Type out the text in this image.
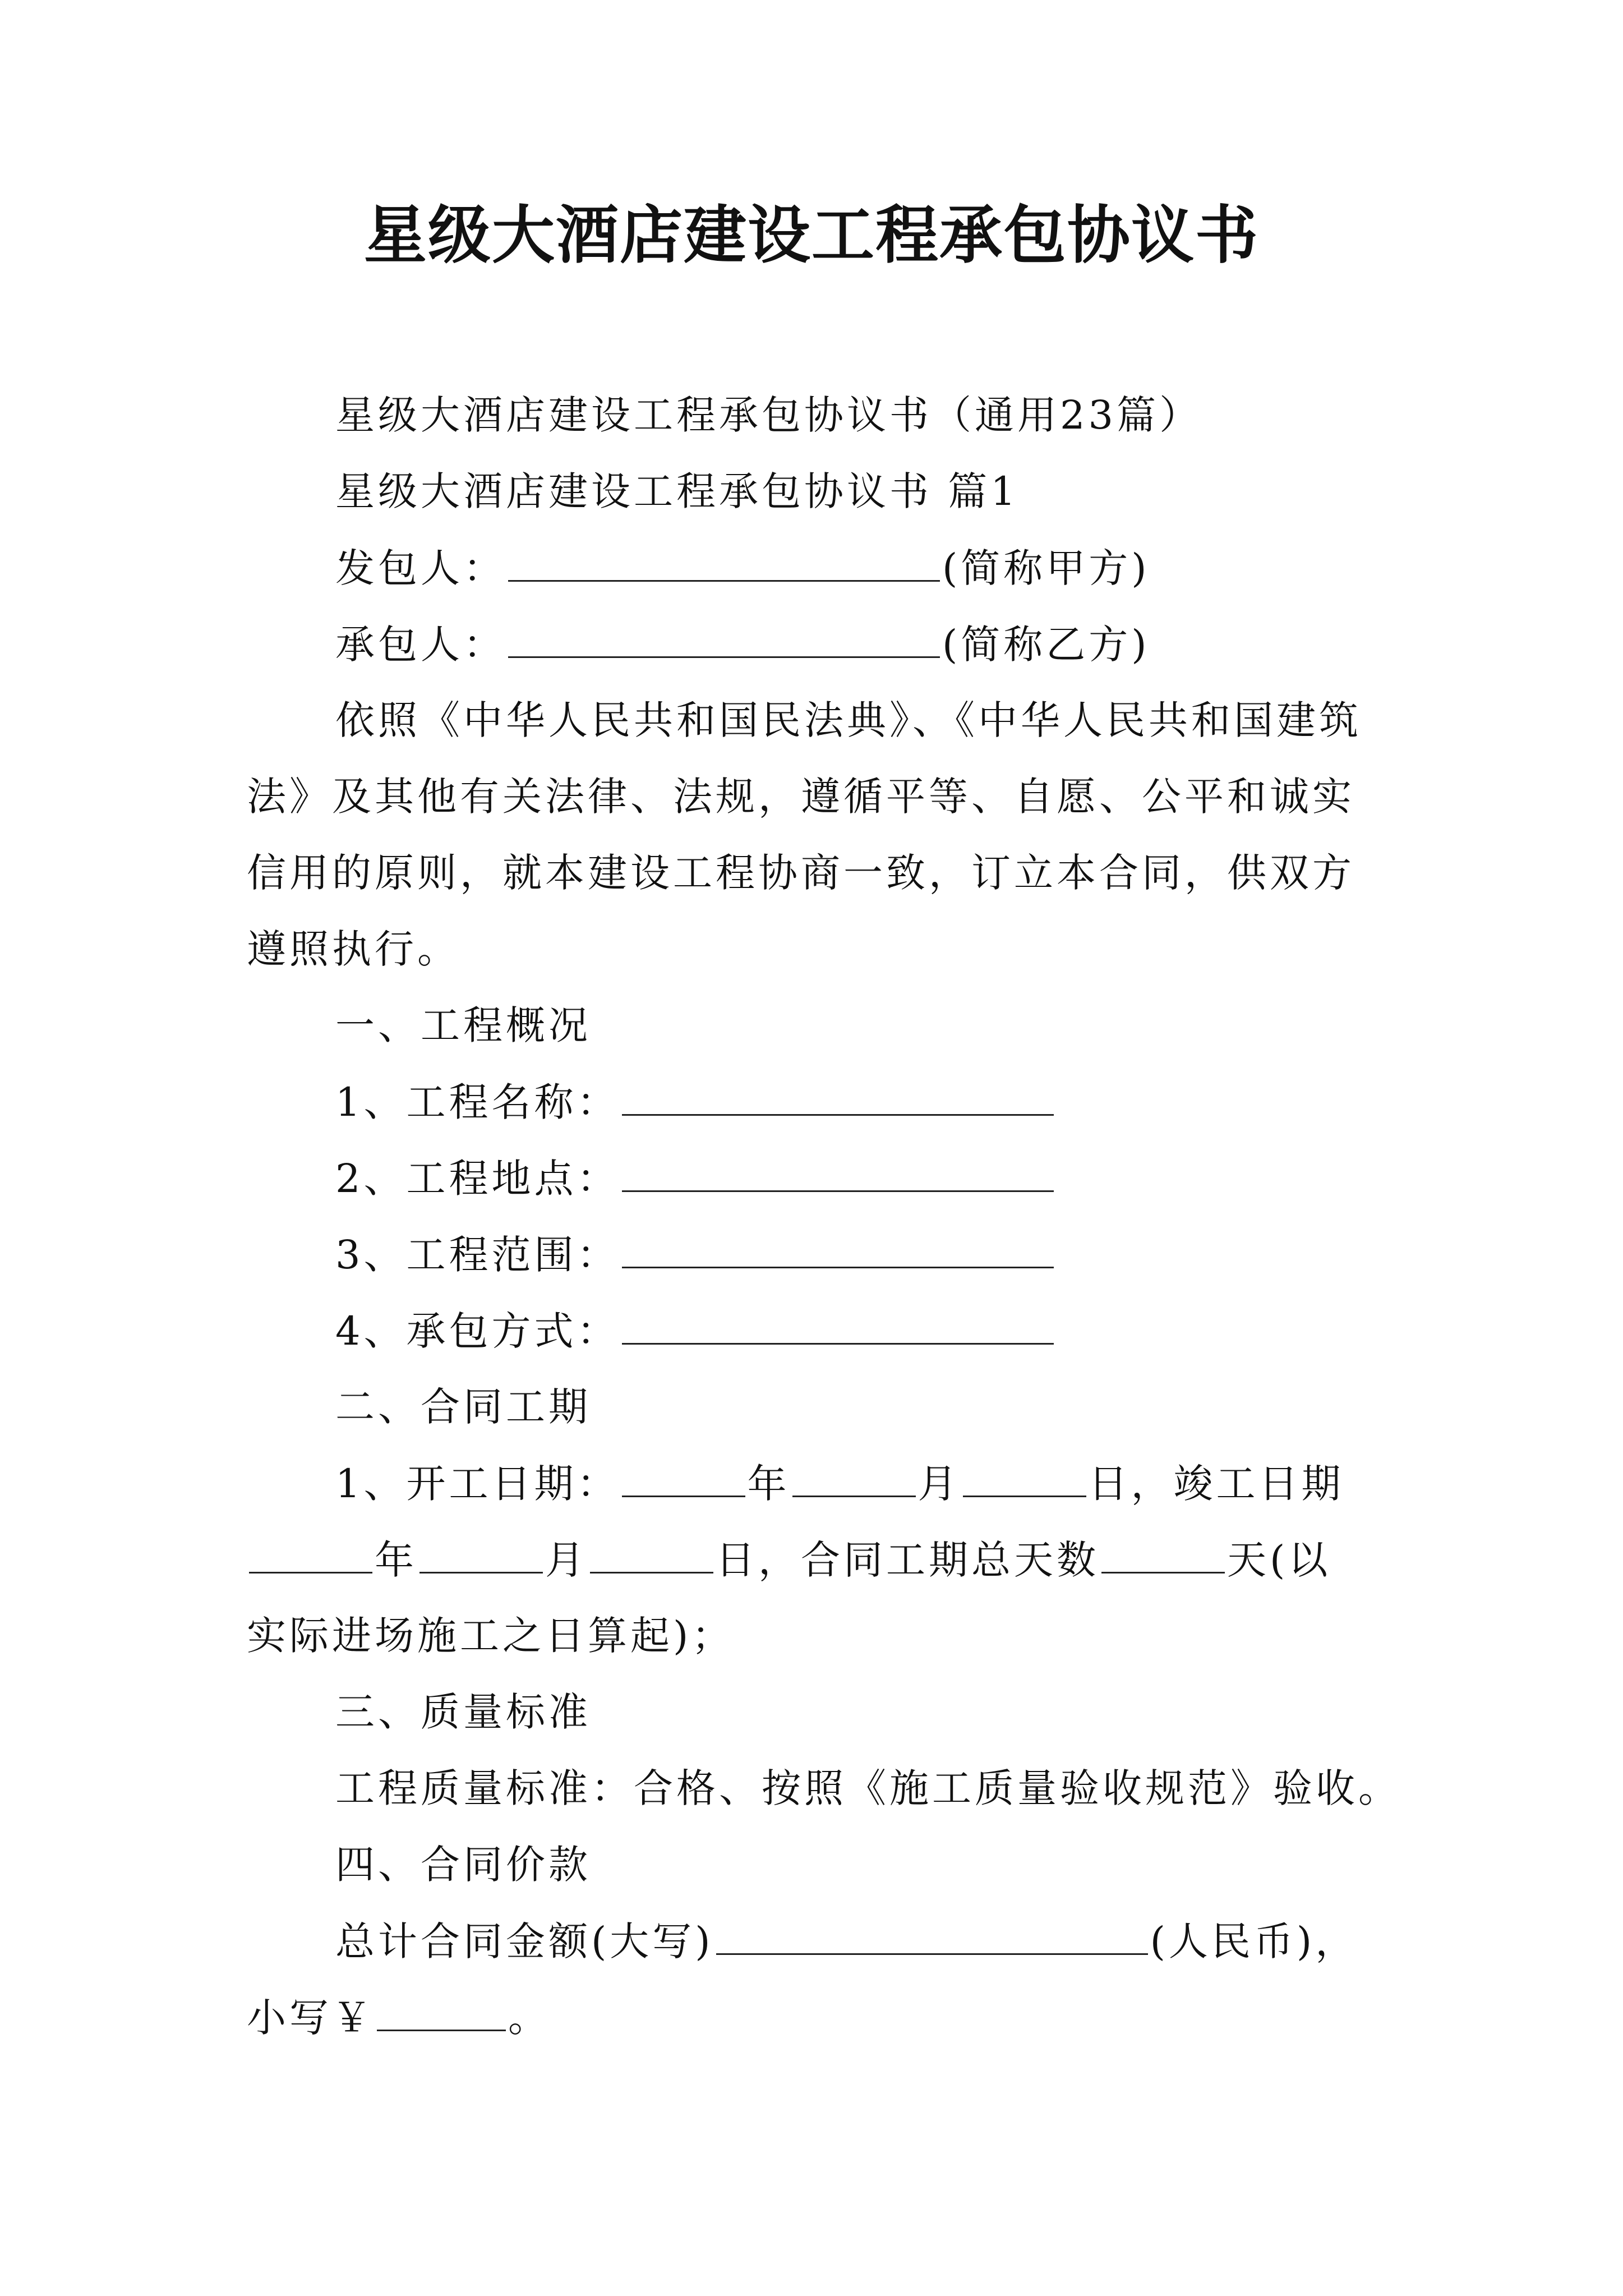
星级大酒店建设工程承包协议书
星级大酒店建设工程承包协议书（通用23篇）
星级大酒店建设工程承包协议书 篇1
发包人：	(简称甲方)
承包人：	(简称乙方)
依照《中华人民共和国民法典》、《中华人民共和国建筑
法》及其他有关法律、法规，遵循平等、自愿、公平和诚实
信用的原则，就本建设工程协商一致，订立本合同，供双方
遵照执行。
一、工程概况
1、工程名称：
2、工程地点：
3、工程范围：
4、承包方式：
二、合同工期
1、开工日期：	年	月	日，竣工日期
年	月	日，合同工期总天数	天(以
实际进场施工之日算起)；
三、质量标准
工程质量标准：合格、按照《施工质量验收规范》验收。
四、合同价款
总计合同金额(大写)	(人民币)，
小写￥	。
